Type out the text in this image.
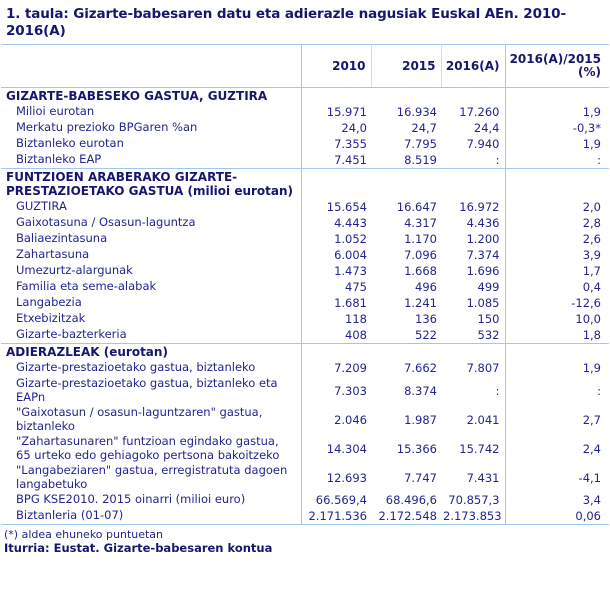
1. taula: Gizarte-babesaren datu eta adierazle nagusiak Euskal AEn. 2010-2016(A)
	2010	2015	2016(A)	2016(A)/2015
(%)

GIZARTE-BABESEKO GASTUA, GUZTIRA				
Milioi eurotan	15.971	16.934	17.260	1,9
Merkatu prezioko BPGaren %an	24,0	24,7	24,4	-0,3*
Biztanleko eurotan	7.355	7.795	7.940	1,9
Biztanleko EAP	7.451	8.519	:	:
FUNTZIOEN ARABERAKO GIZARTE-PRESTAZIOETAKO GASTUA (milioi eurotan)				
GUZTIRA	15.654	16.647	16.972	2,0
Gaixotasuna / Osasun-laguntza	4.443	4.317	4.436	2,8
Baliaezintasuna	1.052	1.170	1.200	2,6
Zahartasuna	6.004	7.096	7.374	3,9
Umezurtz-alargunak	1.473	1.668	1.696	1,7
Familia eta seme-alabak	475	496	499	0,4
Langabezia	1.681	1.241	1.085	-12,6
Etxebizitzak	118	136	150	10,0
Gizarte-bazterkeria	408	522	532	1,8
ADIERAZLEAK (eurotan)				
Gizarte-prestazioetako gastua, biztanleko	7.209	7.662	7.807	1,9
Gizarte-prestazioetako gastua, biztanleko eta EAPn	7.303	8.374	:	:
"Gaixotasun / osasun-laguntzaren" gastua, biztanleko	2.046	1.987	2.041	2,7
"Zahartasunaren" funtzioan egindako gastua, 65 urteko edo gehiagoko pertsona bakoitzeko	14.304	15.366	15.742	2,4
"Langabeziaren" gastua, erregistratuta dagoen langabetuko	12.693	7.747	7.431	-4,1
BPG KSE2010. 2015 oinarri (milioi euro)	66.569,4	68.496,6	70.857,3	3,4
Biztanleria (01-07)	2.171.536	2.172.548	2.173.853	0,06
(*) aldea ehuneko puntuetan
Iturria: Eustat. Gizarte-babesaren kontua
